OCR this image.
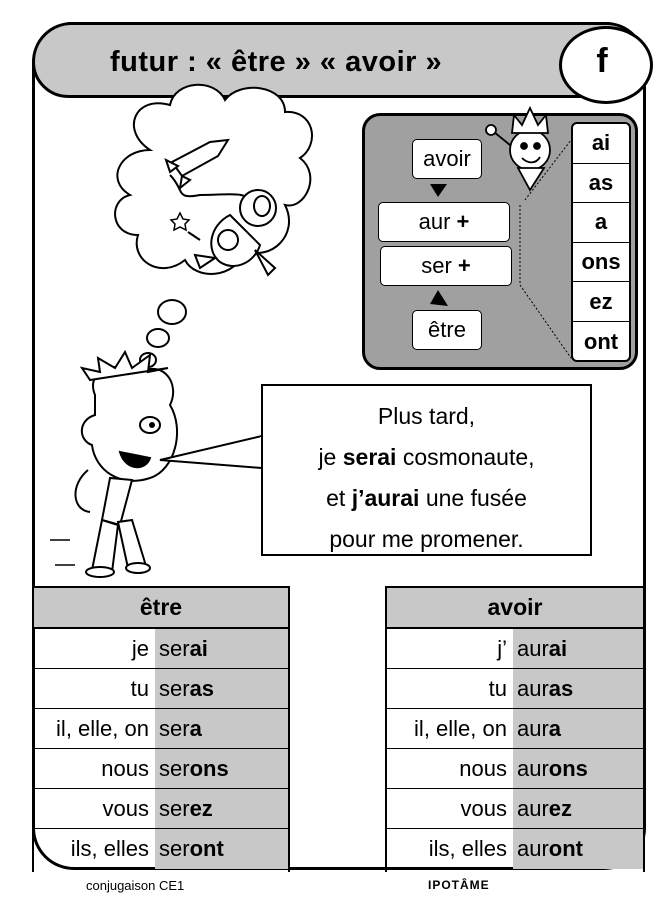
futur : « être » « avoir »	f
avoir
aur
+
ser
+
être
ai
as
a
ons
ez
ont
Plus tard,
je serai cosmonaute,
et j’aurai une fusée
pour me promener.
être
je ser ai
tu ser as
il, elle, on ser a
nous ser ons
vous ser ez
ils, elles ser ont
avoir
j’ aur ai
tu aur as
il, elle, on aur a
nous aur ons
vous aur ez
ils, elles aur ont
conjugaison CE1	IPOTÂME
